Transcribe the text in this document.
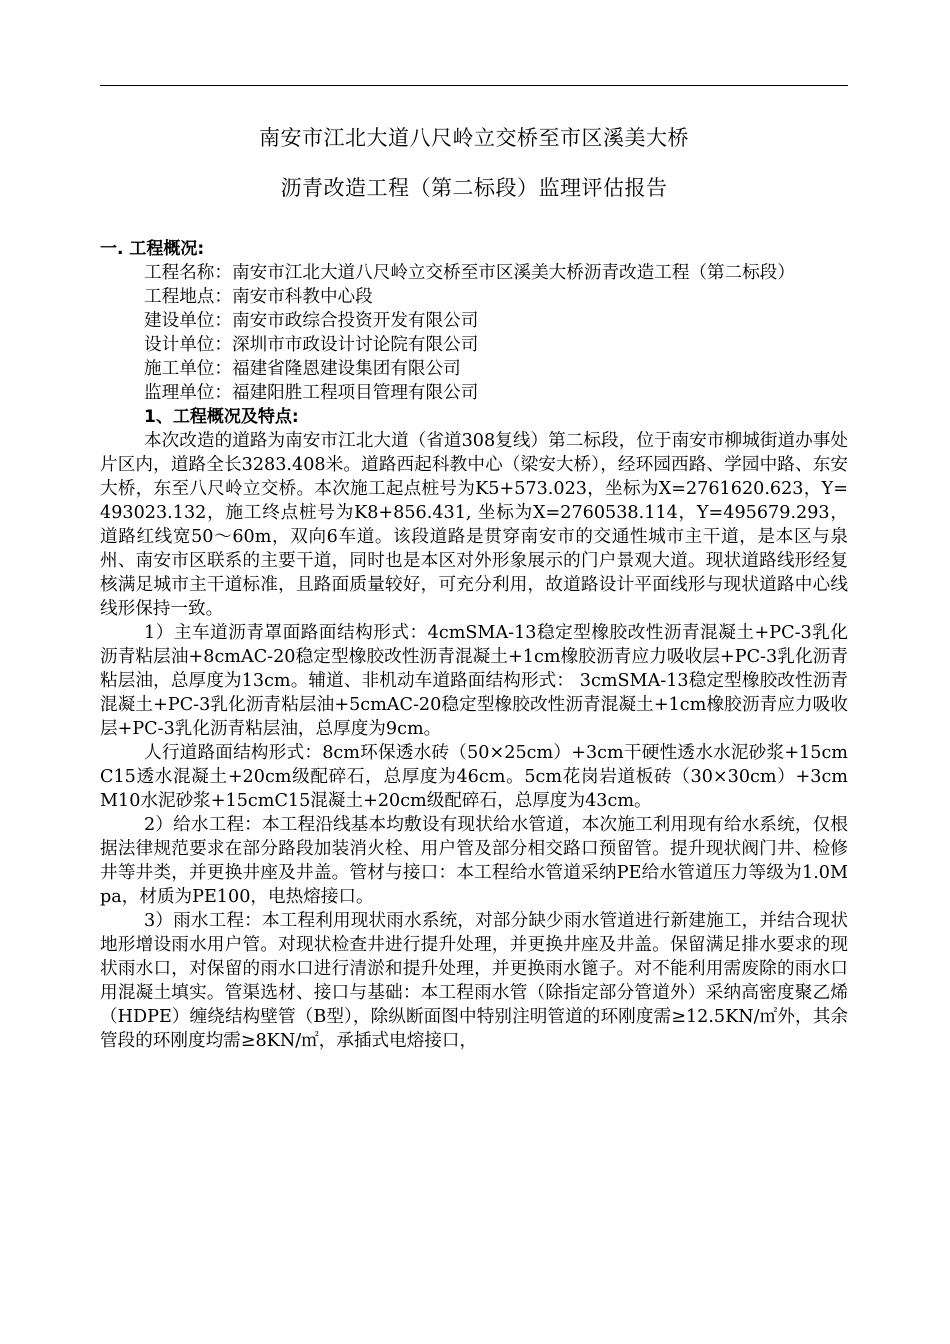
南安市江北大道八尺岭立交桥至市区溪美大桥
沥青改造工程（第二标段）监理评估报告

一. 工程概况:

工程名称：南安市江北大道八尺岭立交桥至市区溪美大桥沥青改造工程（第二标段）

工程地点：南安市科教中心段

建设单位：南安市政综合投资开发有限公司

设计单位：深圳市市政设计讨论院有限公司

施工单位：福建省隆恩建设集团有限公司

监理单位：福建阳胜工程项目管理有限公司

1、工程概况及特点:

本次改造的道路为南安市江北大道（省道308复线）第二标段，位于南安市柳城街道办事处片区内，道路全长3283.408米。道路西起科教中心（梁安大桥），经环园西路、学园中路、东安大桥，东至八尺岭立交桥。本次施工起点桩号为K5+573.023，坐标为X=2761620.623，Y=493023.132，施工终点桩号为K8+856.431, 坐标为X=2760538.114，Y=495679.293，道路红线宽50～60m，双向6车道。该段道路是贯穿南安市的交通性城市主干道，是本区与泉州、南安市区联系的主要干道，同时也是本区对外形象展示的门户景观大道。现状道路线形经复核满足城市主干道标准，且路面质量较好，可充分利用，故道路设计平面线形与现状道路中心线线形保持一致。

1）主车道沥青罩面路面结构形式：4cmSMA-13稳定型橡胶改性沥青混凝土+PC-3乳化沥青粘层油+8cmAC-20稳定型橡胶改性沥青混凝土+1cm橡胶沥青应力吸收层+PC-3乳化沥青粘层油，总厚度为13cm。辅道、非机动车道路面结构形式： 3cmSMA-13稳定型橡胶改性沥青混凝土+PC-3乳化沥青粘层油+5cmAC-20稳定型橡胶改性沥青混凝土+1cm橡胶沥青应力吸收层+PC-3乳化沥青粘层油，总厚度为9cm。

人行道路面结构形式：8cm环保透水砖（50×25cm）+3cm干硬性透水水泥砂浆+15cmC15透水混凝土+20cm级配碎石，总厚度为46cm。5cm花岗岩道板砖（30×30cm）+3cm M10水泥砂浆+15cmC15混凝土+20cm级配碎石，总厚度为43cm。

2）给水工程：本工程沿线基本均敷设有现状给水管道，本次施工利用现有给水系统，仅根据法律规范要求在部分路段加装消火栓、用户管及部分相交路口预留管。提升现状阀门井、检修井等井类，并更换井座及井盖。管材与接口：本工程给水管道采纳PE给水管道压力等级为1.0Mpa，材质为PE100，电热熔接口。

3）雨水工程：本工程利用现状雨水系统，对部分缺少雨水管道进行新建施工，并结合现状地形增设雨水用户管。对现状检查井进行提升处理，并更换井座及井盖。保留满足排水要求的现状雨水口，对保留的雨水口进行清淤和提升处理，并更换雨水篦子。对不能利用需废除的雨水口用混凝土填实。管渠选材、接口与基础：本工程雨水管（除指定部分管道外）采纳高密度聚乙烯（HDPE）缠绕结构壁管（B型），除纵断面图中特别注明管道的环刚度需≥12.5KN/㎡外，其余管段的环刚度均需≥8KN/㎡，承插式电熔接口，
